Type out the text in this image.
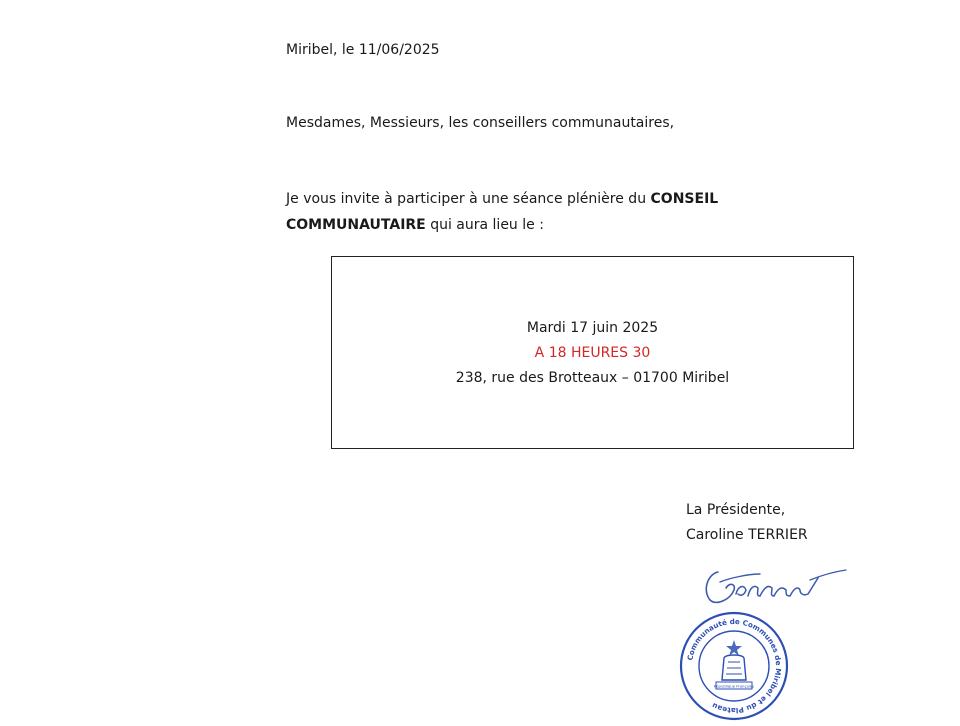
Miribel, le 11/06/2025
Mesdames, Messieurs, les conseillers communautaires,
Je vous invite à participer à une séance plénière du CONSEIL COMMUNAUTAIRE qui aura lieu le :
Mardi 17 juin 2025
A 18 HEURES 30
238, rue des Brotteaux – 01700 Miribel
La Présidente,
Caroline TERRIER
Communauté de Communes de Miribel et du Plateau
République Française
